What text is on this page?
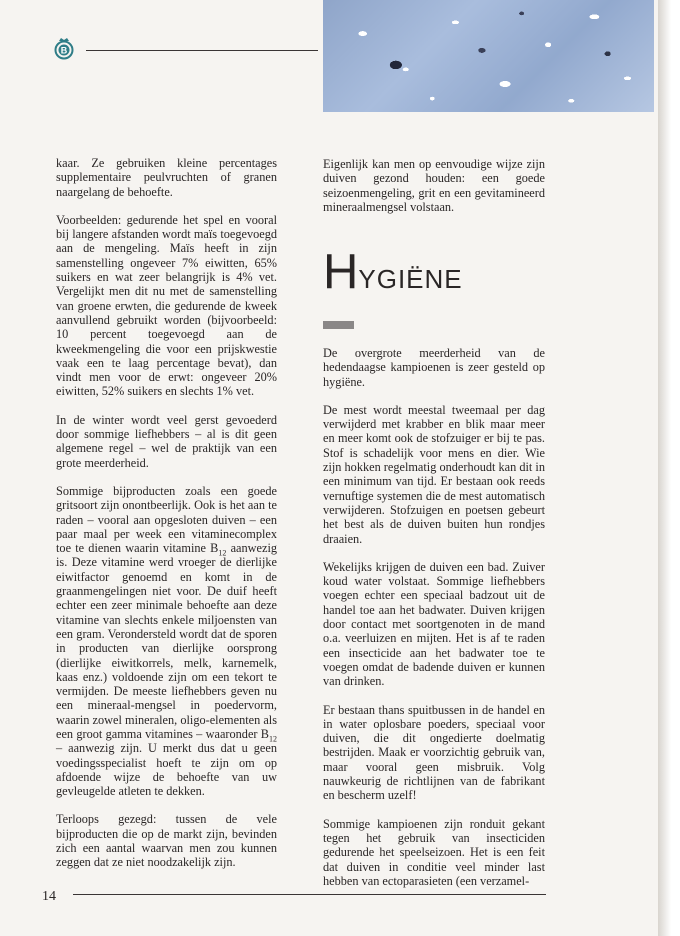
B

kaar. Ze gebruiken kleine percentages supplementaire peulvruchten of granen naargelang de behoefte.

Voorbeelden: gedurende het spel en vooral bij langere afstanden wordt maïs toegevoegd aan de mengeling. Maïs heeft in zijn samenstelling ongeveer 7% eiwitten, 65% suikers en wat zeer belangrijk is 4% vet. Vergelijkt men dit nu met de samenstelling van groene erwten, die gedurende de kweek aanvullend gebruikt worden (bijvoorbeeld: 10 percent toegevoegd aan de kweekmengeling die voor een prijskwestie vaak een te laag percentage bevat), dan vindt men voor de erwt: ongeveer 20% eiwitten, 52% suikers en slechts 1% vet.

In de winter wordt veel gerst gevoederd door sommige liefhebbers – al is dit geen algemene regel – wel de praktijk van een grote meerderheid.

Sommige bijproducten zoals een goede gritsoort zijn onontbeerlijk. Ook is het aan te raden – vooral aan opgesloten duiven – een paar maal per week een vitaminecomplex toe te dienen waarin vitamine $B_{12}$ aanwezig is. Deze vitamine werd vroeger de dierlijke eiwitfactor genoemd en komt in de graanmengelingen niet voor. De duif heeft echter een zeer minimale behoefte aan deze vitamine van slechts enkele miljoensten van een gram. Verondersteld wordt dat de sporen in producten van dierlijke oorsprong (dierlijke eiwitkorrels, melk, karnemelk, kaas enz.) voldoende zijn om een tekort te vermijden. De meeste liefhebbers geven nu een mineraal-mengsel in poedervorm, waarin zowel mineralen, oligo-elementen als een groot gamma vitamines – waaronder $B_{12}$ – aanwezig zijn. U merkt dus dat u geen voedingsspecialist hoeft te zijn om op afdoende wijze de behoefte van uw gevleugelde atleten te dekken.

Terloops gezegd: tussen de vele bijproducten die op de markt zijn, bevinden zich een aantal waarvan men zou kunnen zeggen dat ze niet noodzakelijk zijn.

Eigenlijk kan men op eenvoudige wijze zijn duiven gezond houden: een goede seizoenmengeling, grit en een gevitamineerd mineraalmengsel volstaan.

HYGIËNE

De overgrote meerderheid van de hedendaagse kampioenen is zeer gesteld op hygiëne.

De mest wordt meestal tweemaal per dag verwijderd met krabber en blik maar meer en meer komt ook de stofzuiger er bij te pas. Stof is schadelijk voor mens en dier. Wie zijn hokken regelmatig onderhoudt kan dit in een minimum van tijd. Er bestaan ook reeds vernuftige systemen die de mest automatisch verwijderen. Stofzuigen en poetsen gebeurt het best als de duiven buiten hun rondjes draaien.

Wekelijks krijgen de duiven een bad. Zuiver koud water volstaat. Sommige liefhebbers voegen echter een speciaal badzout uit de handel toe aan het badwater. Duiven krijgen door contact met soortgenoten in de mand o.a. veerluizen en mijten. Het is af te raden een insecticide aan het badwater toe te voegen omdat de badende duiven er kunnen van drinken.

Er bestaan thans spuitbussen in de handel en in water oplosbare poeders, speciaal voor duiven, die dit ongedierte doelmatig bestrijden. Maak er voorzichtig gebruik van, maar vooral geen misbruik. Volg nauwkeurig de richtlijnen van de fabrikant en bescherm uzelf!

Sommige kampioenen zijn ronduit gekant tegen het gebruik van insecticiden gedurende het speelseizoen. Het is een feit dat duiven in conditie veel minder last hebben van ectoparasieten (een verzamel-

14
